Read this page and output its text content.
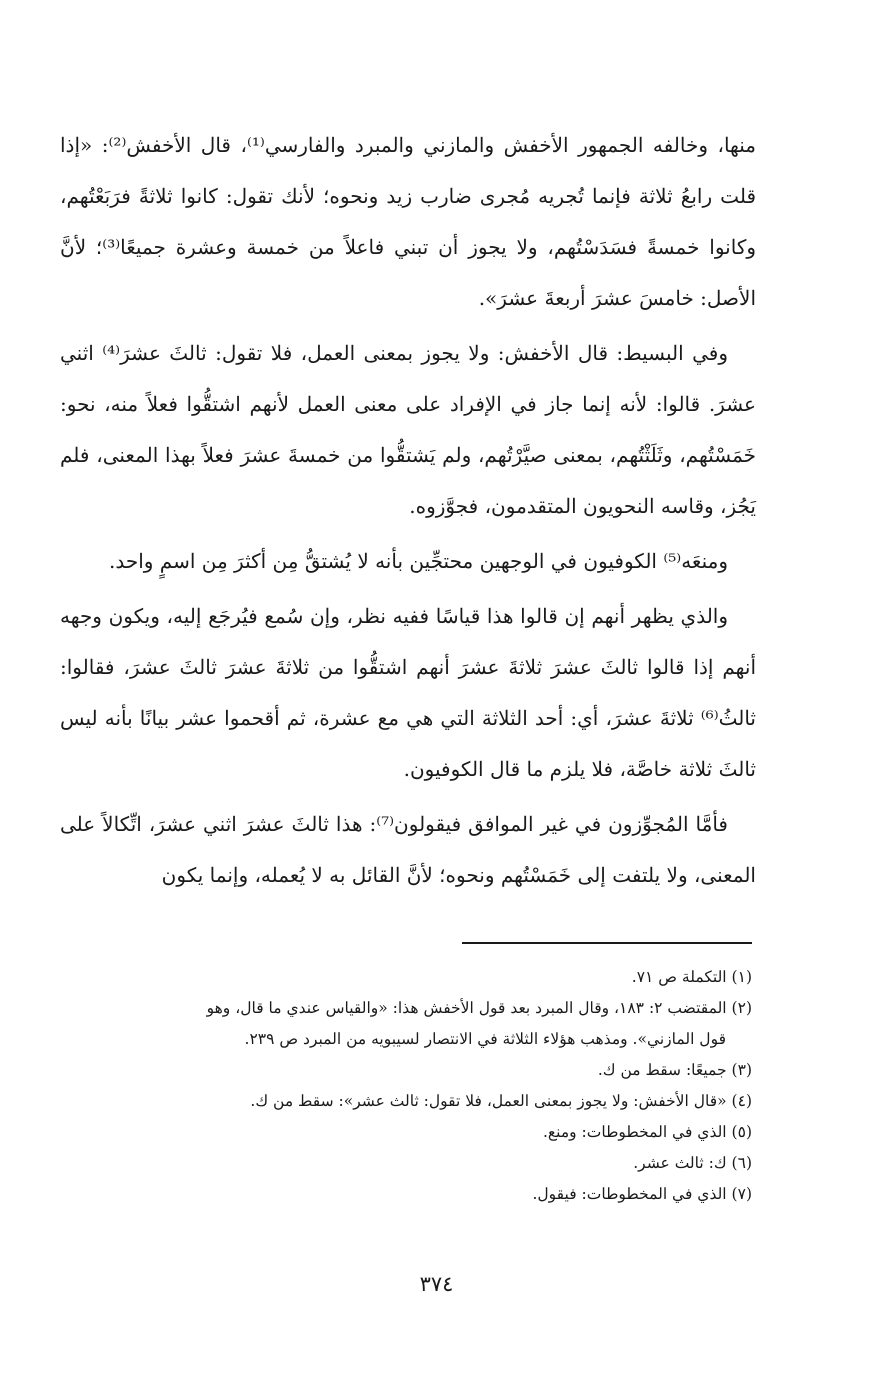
منها، وخالفه الجمهور الأخفش والمازني والمبرد والفارسي⁽¹⁾، قال الأخفش⁽²⁾: «إذا قلت رابعُ ثلاثة فإنما تُجريه مُجرى ضارب زيد ونحوه؛ لأنك تقول: كانوا ثلاثةً فرَبَعْتُهم، وكانوا خمسةً فسَدَسْتُهم، ولا يجوز أن تبني فاعلاً من خمسة وعشرة جميعًا⁽³⁾؛ لأنَّ الأصل: خامسَ عشرَ أربعةَ عشرَ».

وفي البسيط: قال الأخفش: ولا يجوز بمعنى العمل، فلا تقول: ثالثَ عشرَ⁽⁴⁾ اثني عشرَ. قالوا: لأنه إنما جاز في الإفراد على معنى العمل لأنهم اشتقُّوا فعلاً منه، نحو: خَمَسْتُهم، وثَلَثْتُهم، بمعنى صيَّرْتُهم، ولم يَشتقُّوا من خمسةَ عشرَ فعلاً بهذا المعنى، فلم يَجُز، وقاسه النحويون المتقدمون، فجوَّزوه.

ومنعَه⁽⁵⁾ الكوفيون في الوجهين محتجِّين بأنه لا يُشتقُّ مِن أكثرَ مِن اسمٍ واحد.

والذي يظهر أنهم إن قالوا هذا قياسًا ففيه نظر، وإن سُمع فيُرجَع إليه، ويكون وجهه أنهم إذا قالوا ثالثَ عشرَ ثلاثةَ عشرَ أنهم اشتقُّوا من ثلاثةَ عشرَ ثالثَ عشرَ، فقالوا: ثالثُ⁽⁶⁾ ثلاثةَ عشرَ، أي: أحد الثلاثة التي هي مع عشرة، ثم أقحموا عشر بيانًا بأنه ليس ثالثَ ثلاثة خاصَّة، فلا يلزم ما قال الكوفيون.

فأمَّا المُجوِّزون في غير الموافق فيقولون⁽⁷⁾: هذا ثالثَ عشرَ اثني عشرَ، اتِّكالاً على المعنى، ولا يلتفت إلى خَمَسْتُهم ونحوه؛ لأنَّ القائل به لا يُعمله، وإنما يكون

(١) التكملة ص ٧١.

(٢) المقتضب ٢: ١٨٣، وقال المبرد بعد قول الأخفش هذا: «والقياس عندي ما قال، وهو

قول المازني». ومذهب هؤلاء الثلاثة في الانتصار لسيبويه من المبرد ص ٢٣٩.

(٣) جميعًا: سقط من ك.

(٤) «قال الأخفش: ولا يجوز بمعنى العمل، فلا تقول: ثالث عشر»: سقط من ك.

(٥) الذي في المخطوطات: ومنع.

(٦) ك: ثالث عشر.

(٧) الذي في المخطوطات: فيقول.

٣٧٤
